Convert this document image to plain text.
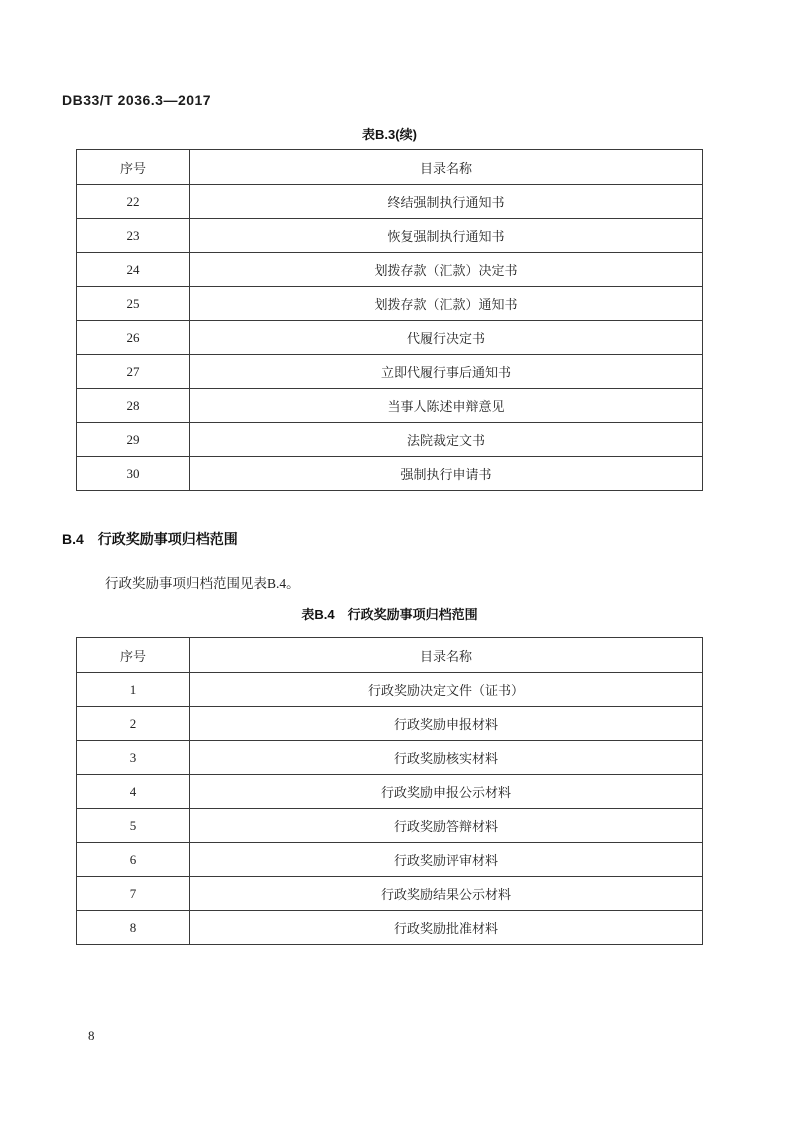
DB33/T 2036.3—2017
表B.3(续)
序号	目录名称
22	终结强制执行通知书
23	恢复强制执行通知书
24	划拨存款（汇款）决定书
25	划拨存款（汇款）通知书
26	代履行决定书
27	立即代履行事后通知书
28	当事人陈述申辩意见
29	法院裁定文书
30	强制执行申请书
B.4　行政奖励事项归档范围
行政奖励事项归档范围见表B.4。
表B.4　行政奖励事项归档范围
序号	目录名称
1	行政奖励决定文件（证书）
2	行政奖励申报材料
3	行政奖励核实材料
4	行政奖励申报公示材料
5	行政奖励答辩材料
6	行政奖励评审材料
7	行政奖励结果公示材料
8	行政奖励批准材料
8
